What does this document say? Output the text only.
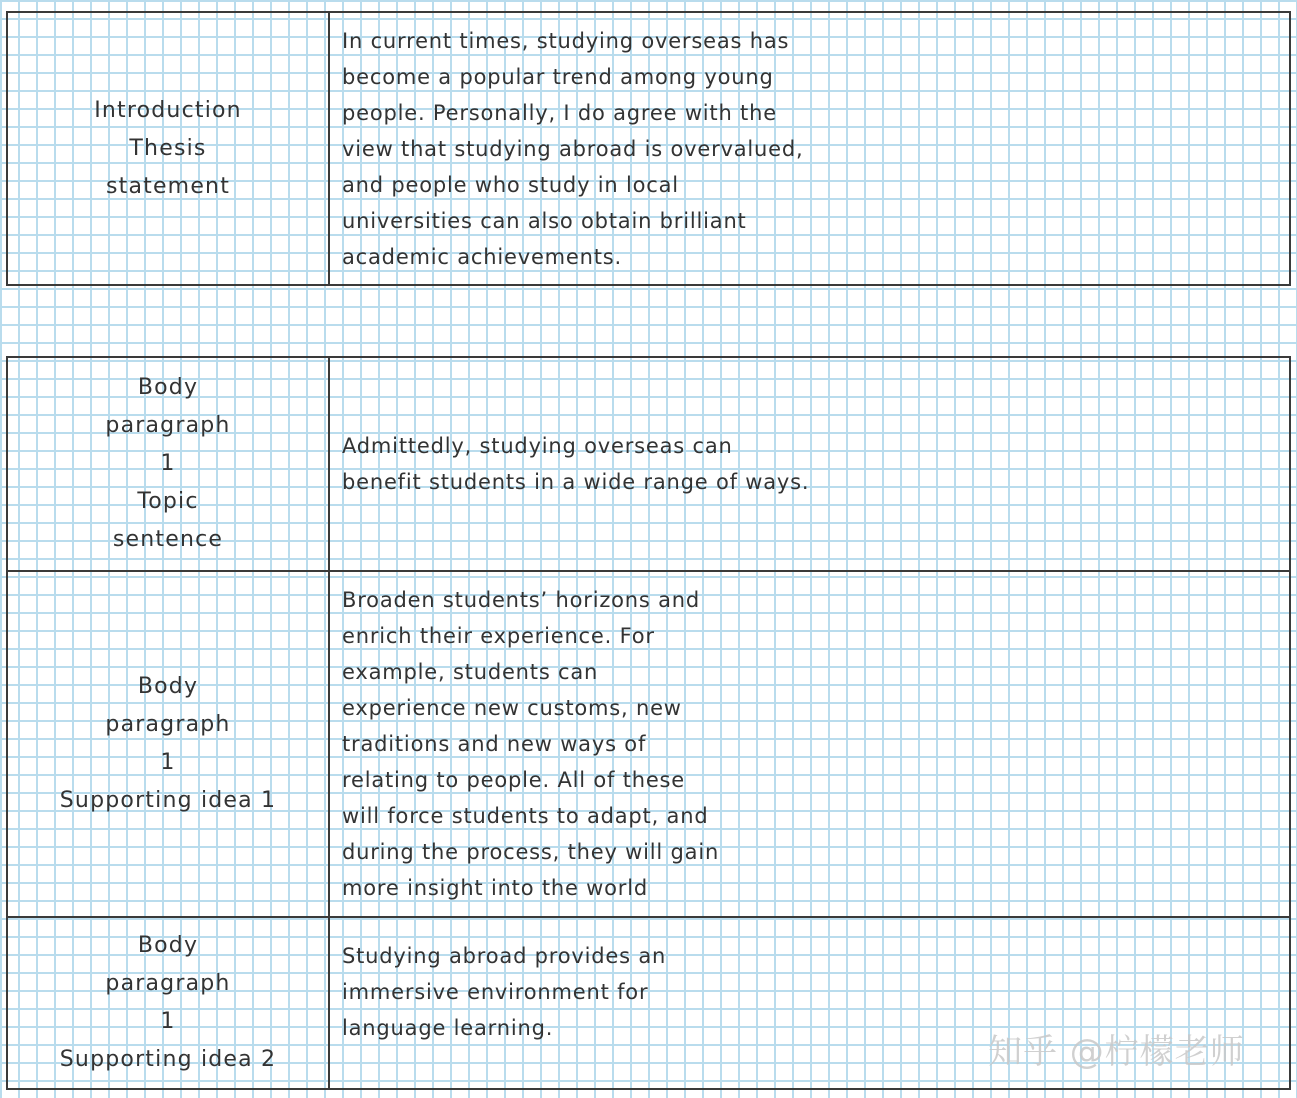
Introduction
Thesis
statement

In current times, studying overseas has
become a popular trend among young
people. Personally, I do agree with the
view that studying abroad is overvalued,
and people who study in local
universities can also obtain brilliant
academic achievements.

Body
paragraph
1
Topic
sentence

Admittedly, studying overseas can
benefit students in a wide range of ways.

Body
paragraph
1
Supporting idea 1

Broaden students’ horizons and
enrich their experience. For
example, students can
experience new customs, new
traditions and new ways of
relating to people. All of these
will force students to adapt, and
during the process, they will gain
more insight into the world

Body
paragraph
1
Supporting idea 2

Studying abroad provides an
immersive environment for
language learning.

知乎 @柠檬老师
